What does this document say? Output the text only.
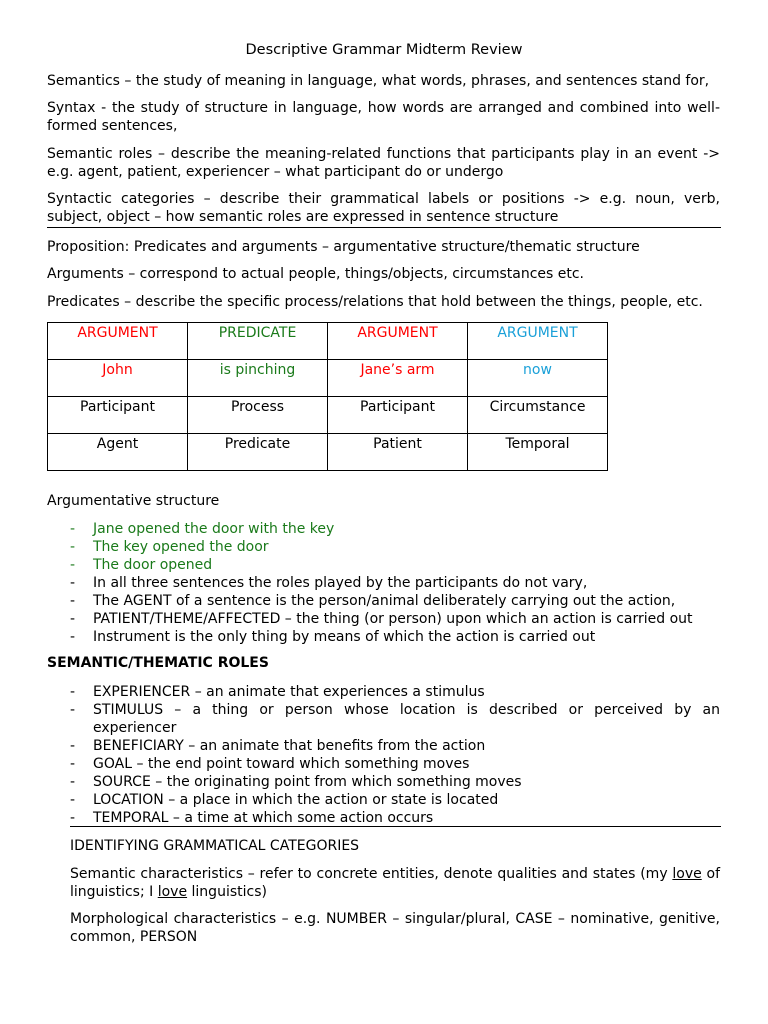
Descriptive Grammar Midterm Review

Semantics – the study of meaning in language, what words, phrases, and sentences stand for,

Syntax - the study of structure in language, how words are arranged and combined into well-formed sentences,

Semantic roles – describe the meaning-related functions that participants play in an event -> e.g. agent, patient, experiencer – what participant do or undergo

Syntactic categories – describe their grammatical labels or positions -> e.g. noun, verb, subject, object – how semantic roles are expressed in sentence structure

Proposition: Predicates and arguments – argumentative structure/thematic structure

Arguments – correspond to actual people, things/objects, circumstances etc.

Predicates – describe the specific process/relations that hold between the things, people, etc.

ARGUMENT	PREDICATE	ARGUMENT	ARGUMENT
John	is pinching	Jane’s arm	now
Participant	Process	Participant	Circumstance
Agent	Predicate	Patient	Temporal

Argumentative structure

- Jane opened the door with the key
- The key opened the door
- The door opened
- In all three sentences the roles played by the participants do not vary,
- The AGENT of a sentence is the person/animal deliberately carrying out the action,
- PATIENT/THEME/AFFECTED – the thing (or person) upon which an action is carried out
- Instrument is the only thing by means of which the action is carried out
SEMANTIC/THEMATIC ROLES
- EXPERIENCER – an animate that experiences a stimulus
- STIMULUS – a thing or person whose location is described or perceived by an experiencer
- BENEFICIARY – an animate that benefits from the action
- GOAL – the end point toward which something moves
- SOURCE – the originating point from which something moves
- LOCATION – a place in which the action or state is located
- TEMPORAL – a time at which some action occurs

IDENTIFYING GRAMMATICAL CATEGORIES

Semantic characteristics – refer to concrete entities, denote qualities and states (my love of linguistics; I love linguistics)

Morphological characteristics – e.g. NUMBER – singular/plural, CASE – nominative, genitive, common, PERSON
